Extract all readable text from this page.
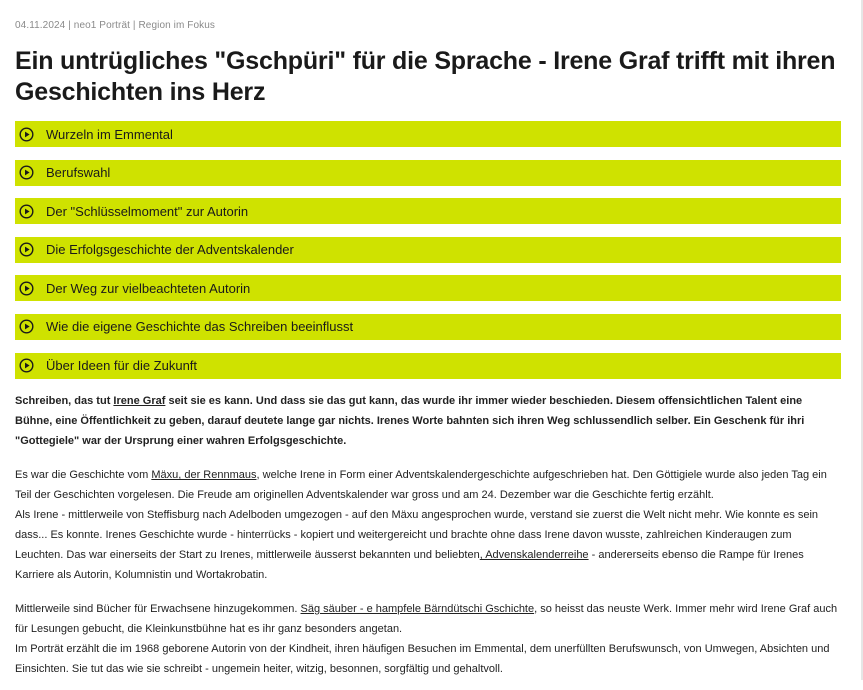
04.11.2024 | neo1 Porträt | Region im Fokus
Ein untrügliches "Gschpüri" für die Sprache - Irene Graf trifft mit ihren Geschichten ins Herz
Wurzeln im Emmental
Berufswahl
Der "Schlüsselmoment" zur Autorin
Die Erfolgsgeschichte der Adventskalender
Der Weg zur vielbeachteten Autorin
Wie die eigene Geschichte das Schreiben beeinflusst
Über Ideen für die Zukunft

Schreiben, das tut Irene Graf seit sie es kann. Und dass sie das gut kann, das wurde ihr immer wieder beschieden. Diesem offensichtlichen Talent eine Bühne, eine Öffentlichkeit zu geben, darauf deutete lange gar nichts. Irenes Worte bahnten sich ihren Weg schlussendlich selber. Ein Geschenk für ihri "Gottegiele" war der Ursprung einer wahren Erfolgsgeschichte.

Es war die Geschichte vom Mäxu, der Rennmaus, welche Irene in Form einer Adventskalendergeschichte aufgeschrieben hat. Den Göttigiele wurde also jeden Tag ein Teil der Geschichten vorgelesen. Die Freude am originellen Adventskalender war gross und am 24. Dezember war die Geschichte fertig erzählt.
Als Irene - mittlerweile von Steffisburg nach Adelboden umgezogen - auf den Mäxu angesprochen wurde, verstand sie zuerst die Welt nicht mehr. Wie konnte es sein dass... Es konnte. Irenes Geschichte wurde - hinterrücks - kopiert und weitergereicht und brachte ohne dass Irene davon wusste, zahlreichen Kinderaugen zum Leuchten. Das war einerseits der Start zu Irenes, mittlerweile äusserst bekannten und beliebten, Advenskalenderreihe - andererseits ebenso die Rampe für Irenes Karriere als Autorin, Kolumnistin und Wortakrobatin.

Mittlerweile sind Bücher für Erwachsene hinzugekommen. Säg säuber - e hampfele Bärndütschi Gschichte, so heisst das neuste Werk. Immer mehr wird Irene Graf auch für Lesungen gebucht, die Kleinkunstbühne hat es ihr ganz besonders angetan.
Im Porträt erzählt die im 1968 geborene Autorin von der Kindheit, ihren häufigen Besuchen im Emmental, dem unerfüllten Berufswunsch, von Umwegen, Absichten und Einsichten. Sie tut das wie sie schreibt - ungemein heiter, witzig, besonnen, sorgfältig und gehaltvoll.
